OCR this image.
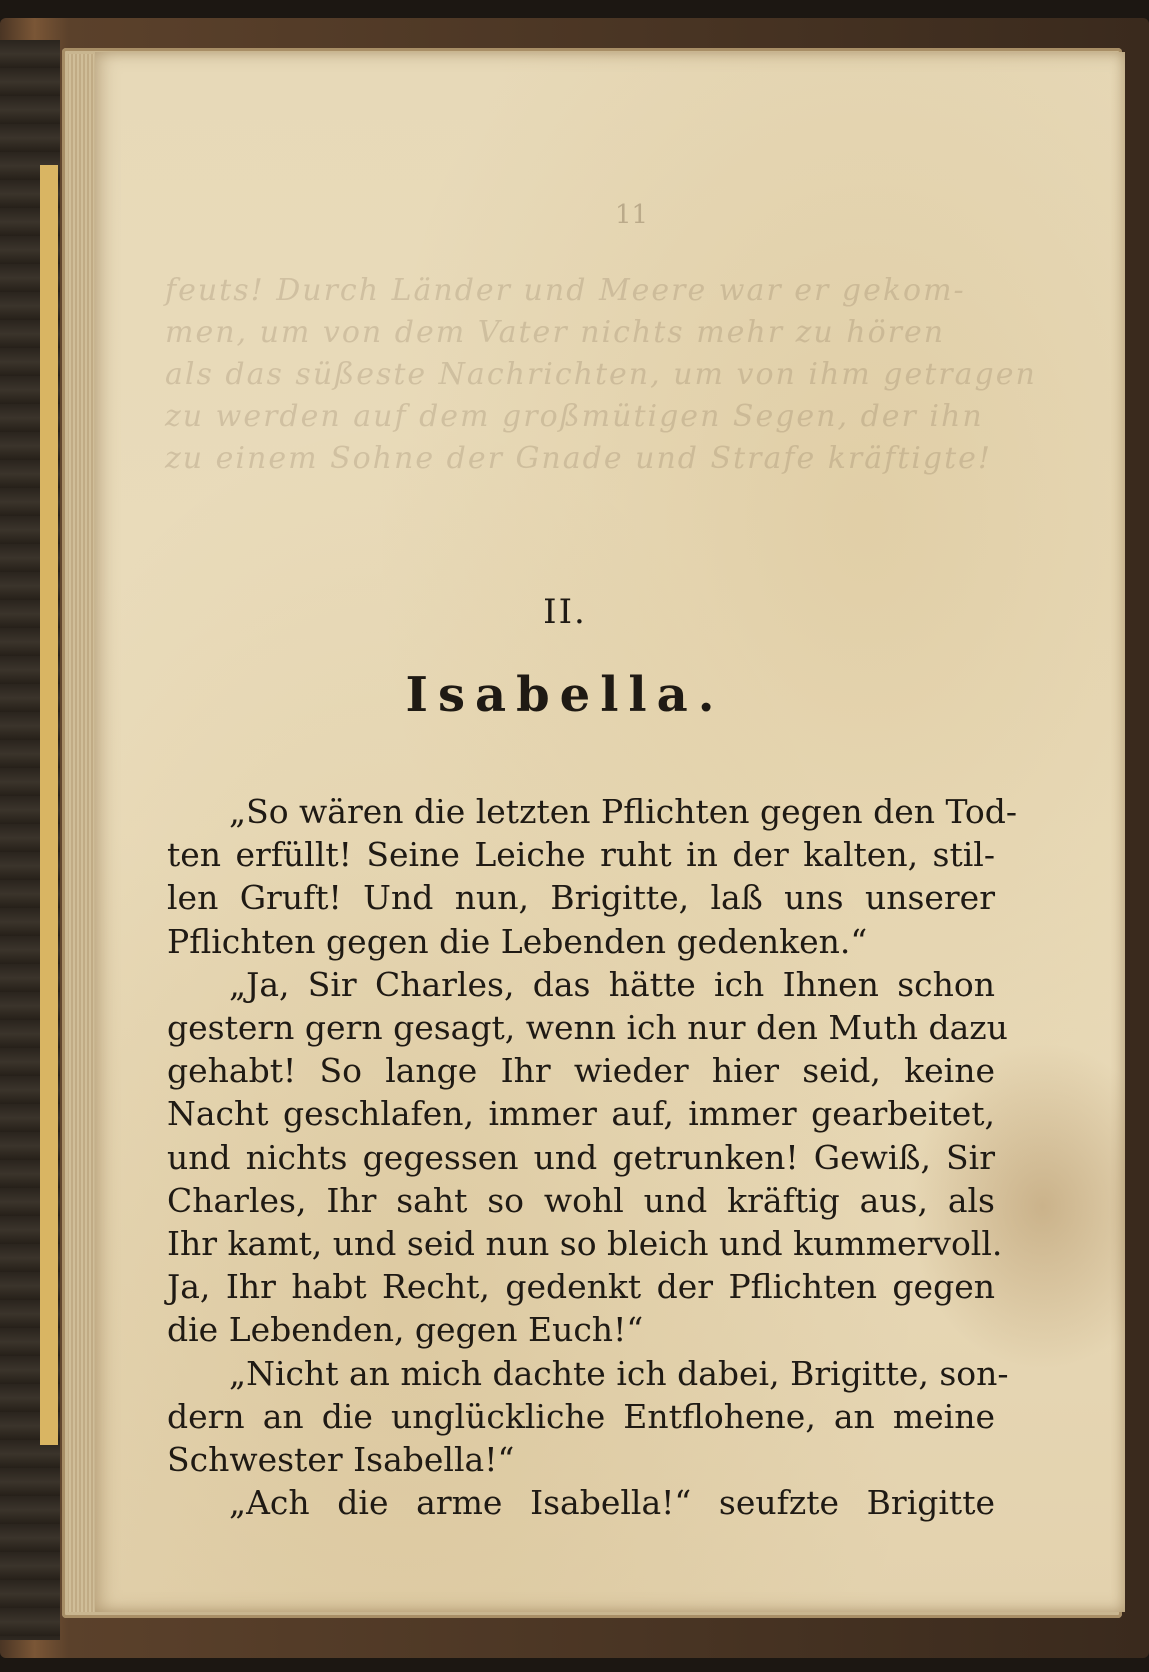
11
feuts! Durch Länder und Meere war er gekom-
men, um von dem Vater nichts mehr zu hören
als das süßeste Nachrichten, um von ihm getragen
zu werden auf dem großmütigen Segen, der ihn
zu einem Sohne der Gnade und Strafe kräftigte!
II.
Isabella.
„So wären die letzten Pflichten gegen den Tod-
ten erfüllt! Seine Leiche ruht in der kalten, stil-
len Gruft! Und nun, Brigitte, laß uns unserer
Pflichten gegen die Lebenden gedenken.“
„Ja, Sir Charles, das hätte ich Ihnen schon
gestern gern gesagt, wenn ich nur den Muth dazu
gehabt! So lange Ihr wieder hier seid, keine
Nacht geschlafen, immer auf, immer gearbeitet,
und nichts gegessen und getrunken! Gewiß, Sir
Charles, Ihr saht so wohl und kräftig aus, als
Ihr kamt, und seid nun so bleich und kummervoll.
Ja, Ihr habt Recht, gedenkt der Pflichten gegen
die Lebenden, gegen Euch!“
„Nicht an mich dachte ich dabei, Brigitte, son-
dern an die unglückliche Entflohene, an meine
Schwester Isabella!“
„Ach die arme Isabella!“ seufzte Brigitte
